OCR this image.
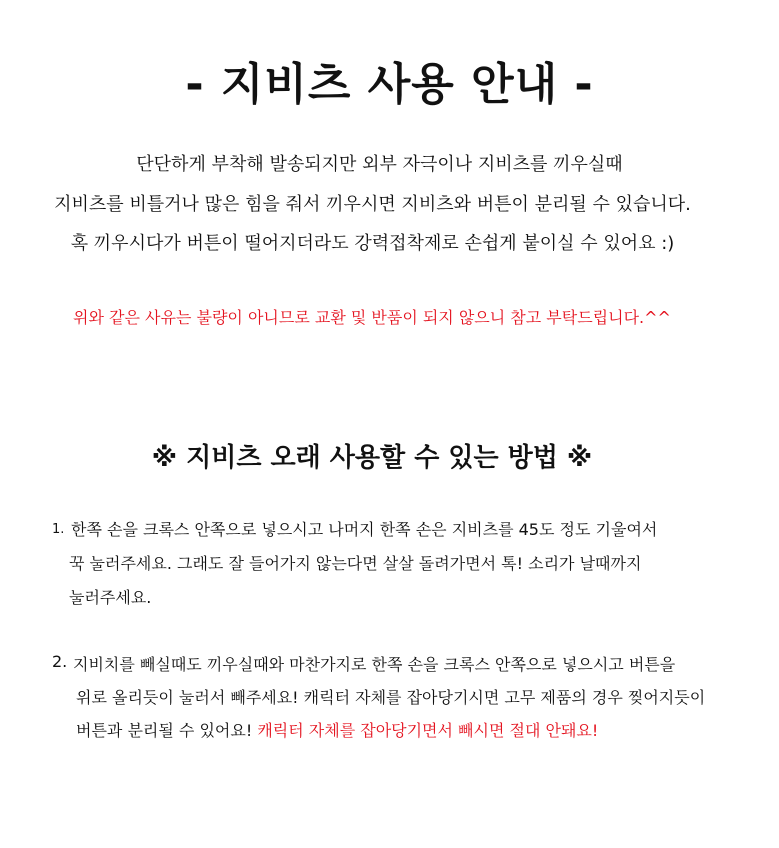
- 지비츠 사용 안내 -
단단하게 부착해 발송되지만 외부 자극이나 지비츠를 끼우실때
지비츠를 비틀거나 많은 힘을 줘서 끼우시면 지비츠와 버튼이 분리될 수 있습니다.
혹 끼우시다가 버튼이 떨어지더라도 강력접착제로 손쉽게 붙이실 수 있어요 :)
위와 같은 사유는 불량이 아니므로 교환 및 반품이 되지 않으니 참고 부탁드립니다.^^
※ 지비츠 오래 사용할 수 있는 방법 ※
1. 한쪽 손을 크록스 안쪽으로 넣으시고 나머지 한쪽 손은 지비츠를 45도 정도 기울여서
꾹 눌러주세요. 그래도 잘 들어가지 않는다면 살살 돌려가면서 톡! 소리가 날때까지
눌러주세요.
2. 지비치를 빼실때도 끼우실때와 마찬가지로 한쪽 손을 크록스 안쪽으로 넣으시고 버튼을
위로 올리듯이 눌러서 빼주세요! 캐릭터 자체를 잡아당기시면 고무 제품의 경우 찢어지듯이
버튼과 분리될 수 있어요! 캐릭터 자체를 잡아당기면서 빼시면 절대 안돼요!
